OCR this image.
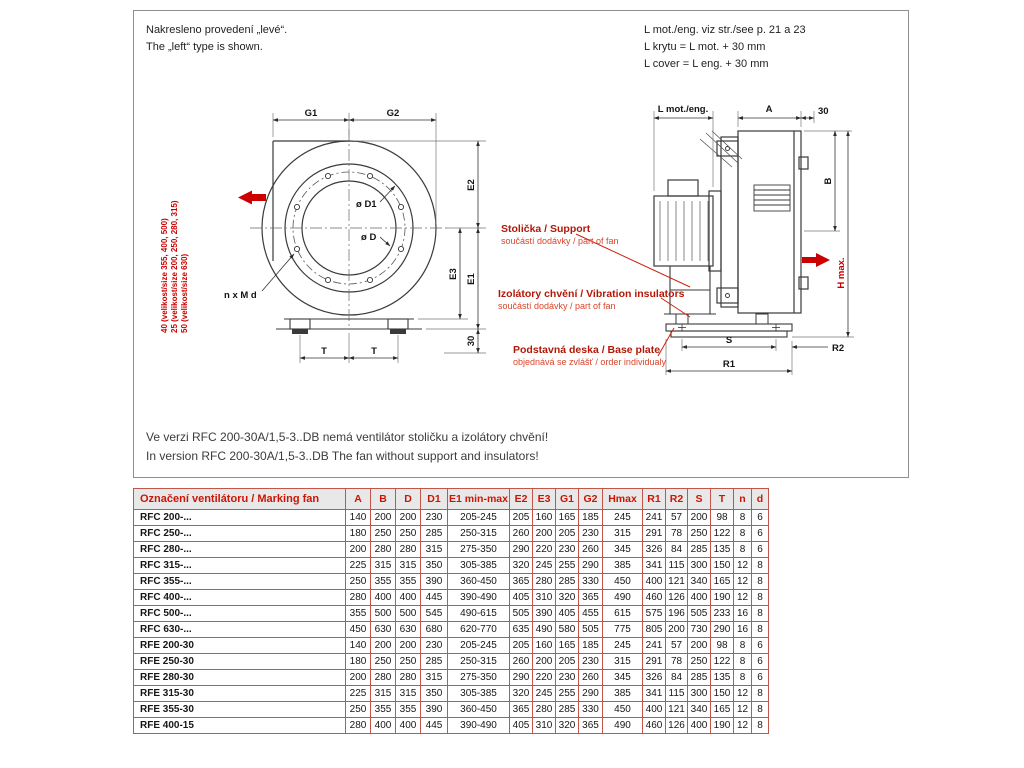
Nakresleno provedení „levé“.
The „left“ type is shown.
L mot./eng. viz str./see p. 21 a 23
L krytu = L mot. + 30 mm
L cover = L eng. + 30 mm
G1	G2
E2
E1
E3
30
ø D1
ø D
n x M d
T	T
40 (velikost/size 355, 400, 500) 25 (velikost/size 200, 250, 280, 315) 50 (velikost/size 630)
L mot./eng.	A	30
B
S
R2
R1
H max.
Stolička / Support
součástí dodávky / part of fan
Izolátory chvění / Vibration insulators
součástí dodávky / part of fan
Podstavná deska / Base plate
objednává se zvlášť / order individualy
Ve verzi RFC 200-30A/1,5-3..DB nemá ventilátor stoličku a izolátory chvění!
In version RFC 200-30A/1,5-3..DB The fan without support and insulators!
Označení ventilátoru / Marking fan	A	B	D	D1	E1 min-max	E2	E3	G1	G2	Hmax	R1	R2	S	T	n	d
RFC 200-...	140	200	200	230	205-245	205	160	165	185	245	241	57	200	98	8	6
RFC 250-...	180	250	250	285	250-315	260	200	205	230	315	291	78	250	122	8	6
RFC 280-...	200	280	280	315	275-350	290	220	230	260	345	326	84	285	135	8	6
RFC 315-...	225	315	315	350	305-385	320	245	255	290	385	341	115	300	150	12	8
RFC 355-...	250	355	355	390	360-450	365	280	285	330	450	400	121	340	165	12	8
RFC 400-...	280	400	400	445	390-490	405	310	320	365	490	460	126	400	190	12	8
RFC 500-...	355	500	500	545	490-615	505	390	405	455	615	575	196	505	233	16	8
RFC 630-...	450	630	630	680	620-770	635	490	580	505	775	805	200	730	290	16	8
RFE 200-30	140	200	200	230	205-245	205	160	165	185	245	241	57	200	98	8	6
RFE 250-30	180	250	250	285	250-315	260	200	205	230	315	291	78	250	122	8	6
RFE 280-30	200	280	280	315	275-350	290	220	230	260	345	326	84	285	135	8	6
RFE 315-30	225	315	315	350	305-385	320	245	255	290	385	341	115	300	150	12	8
RFE 355-30	250	355	355	390	360-450	365	280	285	330	450	400	121	340	165	12	8
RFE 400-15	280	400	400	445	390-490	405	310	320	365	490	460	126	400	190	12	8
